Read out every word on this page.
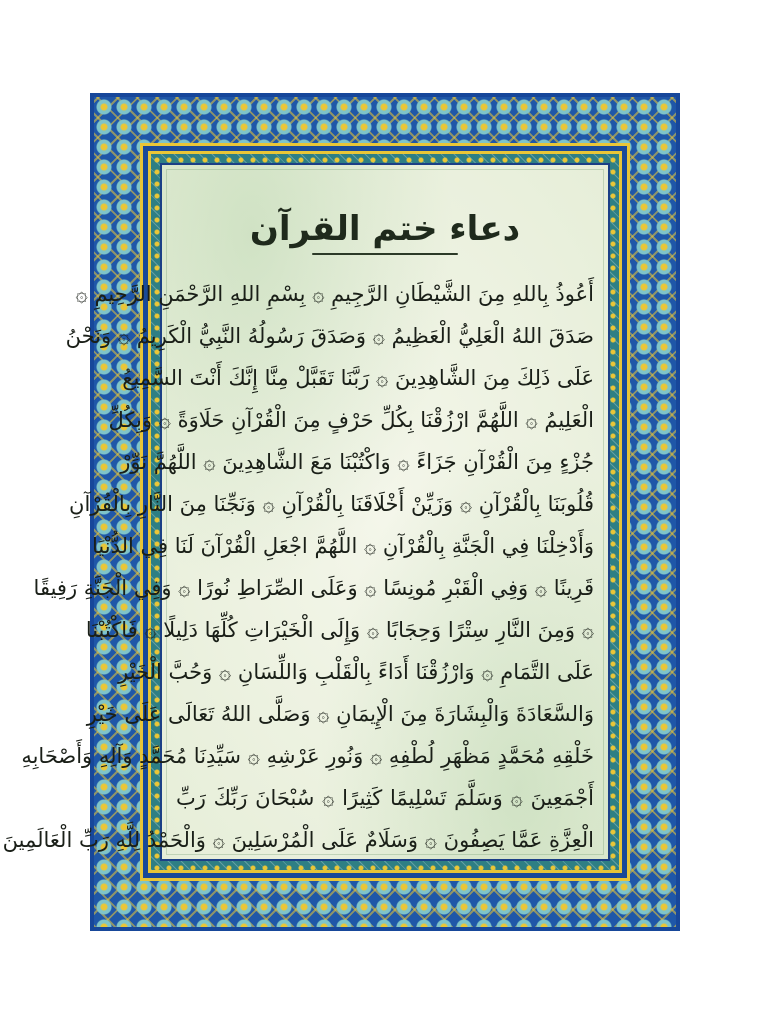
دعاء ختم القرآن
أَعُوذُ بِاللهِ مِنَ الشَّيْطَانِ الرَّجِيمِ ۞ بِسْمِ اللهِ الرَّحْمَنِ الرَّحِيمِ ۞
صَدَقَ اللهُ الْعَلِيُّ الْعَظِيمُ ۞ وَصَدَقَ رَسُولُهُ النَّبِيُّ الْكَرِيمُ ۞ وَنَحْنُ
عَلَى ذَلِكَ مِنَ الشَّاهِدِينَ ۞ رَبَّنَا تَقَبَّلْ مِنَّا إِنَّكَ أَنْتَ السَّمِيعُ
الْعَلِيمُ ۞ اللَّهُمَّ ارْزُقْنَا بِكُلِّ حَرْفٍ مِنَ الْقُرْآنِ حَلَاوَةً ۞ وَبِكُلِّ
جُزْءٍ مِنَ الْقُرْآنِ جَزَاءً ۞ وَاكْتُبْنَا مَعَ الشَّاهِدِينَ ۞ اللَّهُمَّ نَوِّرْ
قُلُوبَنَا بِالْقُرْآنِ ۞ وَزَيِّنْ أَخْلَاقَنَا بِالْقُرْآنِ ۞ وَنَجِّنَا مِنَ النَّارِ بِالْقُرْآنِ
وَأَدْخِلْنَا فِي الْجَنَّةِ بِالْقُرْآنِ ۞ اللَّهُمَّ اجْعَلِ الْقُرْآنَ لَنَا فِي الدُّنْيَا
قَرِينًا ۞ وَفِي الْقَبْرِ مُونِسًا ۞ وَعَلَى الصِّرَاطِ نُورًا ۞ وَفِي الْجَنَّةِ رَفِيقًا
۞ وَمِنَ النَّارِ سِتْرًا وَحِجَابًا ۞ وَإِلَى الْخَيْرَاتِ كُلِّهَا دَلِيلًا ۞ فَاكْتُبْنَا
عَلَى التَّمَامِ ۞ وَارْزُقْنَا أَدَاءً بِالْقَلْبِ وَاللِّسَانِ ۞ وَحُبَّ الْخَيْرِ
وَالسَّعَادَةَ وَالْبِشَارَةَ مِنَ الْإِيمَانِ ۞ وَصَلَّى اللهُ تَعَالَى عَلَى خَيْرِ
خَلْقِهِ مُحَمَّدٍ مَظْهَرِ لُطْفِهِ ۞ وَنُورِ عَرْشِهِ ۞ سَيِّدِنَا مُحَمَّدٍ وَآلِهِ وَأَصْحَابِهِ
أَجْمَعِينَ ۞ وَسَلَّمَ تَسْلِيمًا كَثِيرًا ۞ سُبْحَانَ رَبِّكَ رَبِّ
الْعِزَّةِ عَمَّا يَصِفُونَ ۞ وَسَلَامٌ عَلَى الْمُرْسَلِينَ ۞ وَالْحَمْدُ لِلَّهِ رَبِّ الْعَالَمِينَ
